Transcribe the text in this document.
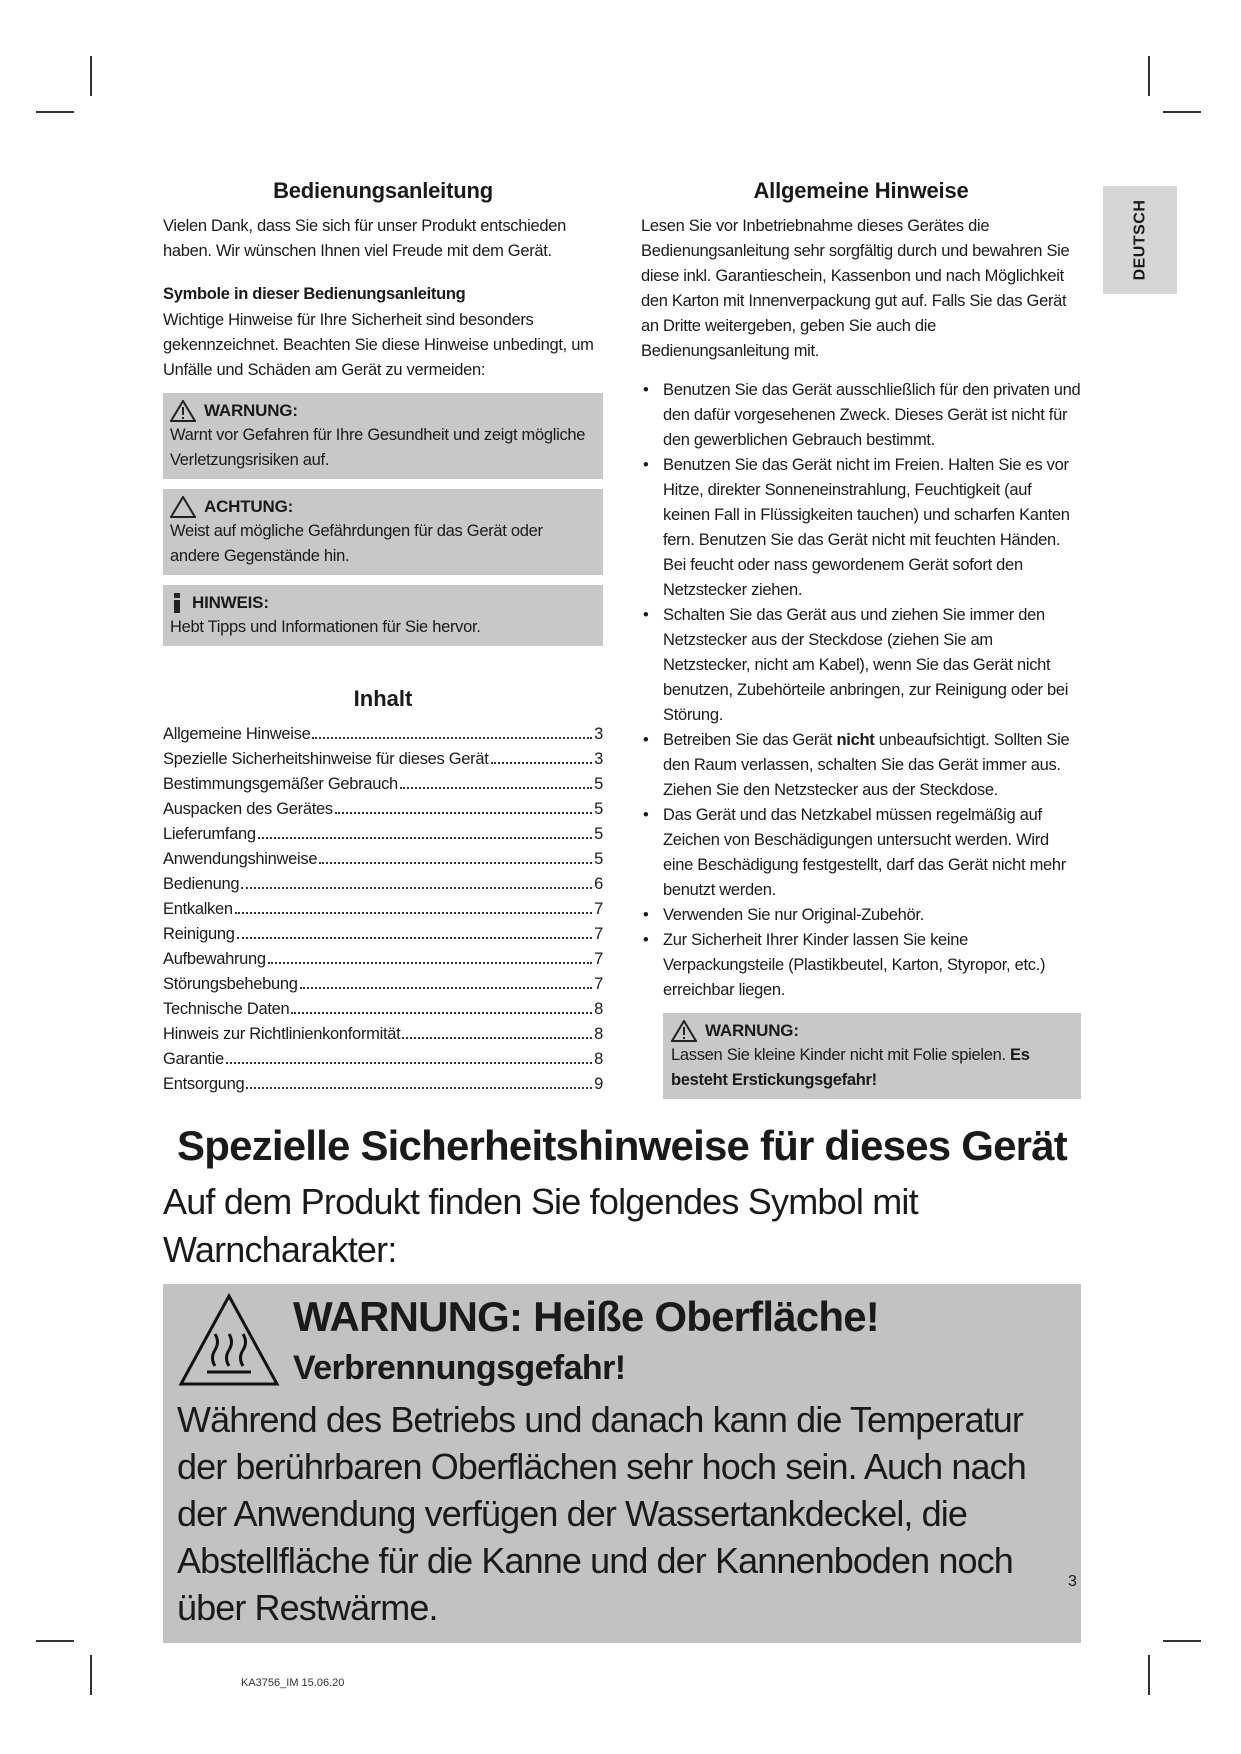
Bedienungsanleitung

Vielen Dank, dass Sie sich für unser Produkt entschieden haben. Wir wünschen Ihnen viel Freude mit dem Gerät.

Symbole in dieser Bedienungsanleitung

Wichtige Hinweise für Ihre Sicherheit sind besonders gekennzeichnet. Beachten Sie diese Hinweise unbedingt, um Unfälle und Schäden am Gerät zu vermeiden:

WARNUNG:
Warnt vor Gefahren für Ihre Gesundheit und zeigt mögliche Verletzungsrisiken auf.
ACHTUNG:
Weist auf mögliche Gefährdungen für das Gerät oder andere Gegenstände hin.
HINWEIS:
Hebt Tipps und Informationen für Sie hervor.
Inhalt
Allgemeine Hinweise	3
Spezielle Sicherheitshinweise für dieses Gerät	3
Bestimmungsgemäßer Gebrauch	5
Auspacken des Gerätes	5
Lieferumfang	5
Anwendungshinweise	5
Bedienung	6
Entkalken	7
Reinigung	7
Aufbewahrung	7
Störungsbehebung	7
Technische Daten	8
Hinweis zur Richtlinienkonformität	8
Garantie	8
Entsorgung	9
Allgemeine Hinweise

Lesen Sie vor Inbetriebnahme dieses Gerätes die Bedienungsanleitung sehr sorgfältig durch und bewahren Sie diese inkl. Garantieschein, Kassenbon und nach Möglichkeit den Karton mit Innenverpackung gut auf. Falls Sie das Gerät an Dritte weitergeben, geben Sie auch die Bedienungsanleitung mit.

• Benutzen Sie das Gerät ausschließlich für den privaten und den dafür vorgesehenen Zweck. Dieses Gerät ist nicht für den gewerblichen Gebrauch bestimmt.
• Benutzen Sie das Gerät nicht im Freien. Halten Sie es vor Hitze, direkter Sonneneinstrahlung, Feuchtigkeit (auf keinen Fall in Flüssigkeiten tauchen) und scharfen Kanten fern. Benutzen Sie das Gerät nicht mit feuchten Händen. Bei feucht oder nass gewordenem Gerät sofort den Netzstecker ziehen.
• Schalten Sie das Gerät aus und ziehen Sie immer den Netzstecker aus der Steckdose (ziehen Sie am Netzstecker, nicht am Kabel), wenn Sie das Gerät nicht benutzen, Zubehörteile anbringen, zur Reinigung oder bei Störung.
• Betreiben Sie das Gerät nicht unbeaufsichtigt. Sollten Sie den Raum verlassen, schalten Sie das Gerät immer aus. Ziehen Sie den Netzstecker aus der Steckdose.
• Das Gerät und das Netzkabel müssen regelmäßig auf Zeichen von Beschädigungen untersucht werden. Wird eine Beschädigung festgestellt, darf das Gerät nicht mehr benutzt werden.
• Verwenden Sie nur Original-Zubehör.
• Zur Sicherheit Ihrer Kinder lassen Sie keine Verpackungsteile (Plastikbeutel, Karton, Styropor, etc.) erreichbar liegen.
WARNUNG:
Lassen Sie kleine Kinder nicht mit Folie spielen. Es besteht Erstickungsgefahr!
DEUTSCH
Spezielle Sicherheitshinweise für dieses Gerät
Auf dem Produkt finden Sie folgendes Symbol mit Warncharakter:
WARNUNG: Heiße Oberfläche!
Verbrennungsgefahr!
Während des Betriebs und danach kann die Temperatur der berührbaren Oberflächen sehr hoch sein. Auch nach der Anwendung verfügen der Wassertankdeckel, die Abstellfläche für die Kanne und der Kannenboden noch über Restwärme.
3
KA3756_IM 15.06.20
